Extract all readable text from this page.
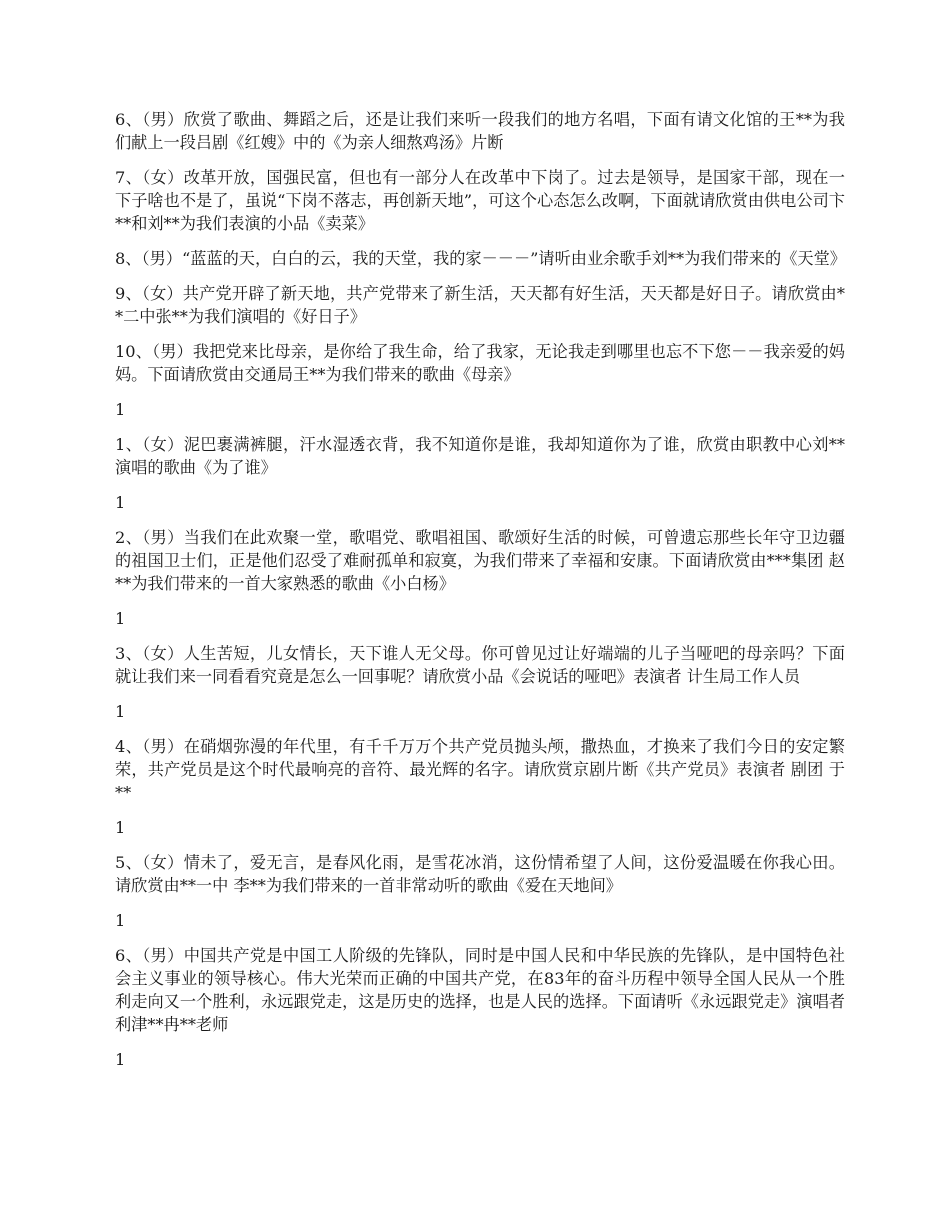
6、（男）欣赏了歌曲、舞蹈之后，还是让我们来听一段我们的地方名唱，下面有请文化馆的王**为我们献上一段吕剧《红嫂》中的《为亲人细熬鸡汤》片断

7、（女）改革开放，国强民富，但也有一部分人在改革中下岗了。过去是领导，是国家干部，现在一下子啥也不是了，虽说“下岗不落志，再创新天地”，可这个心态怎么改啊，下面就请欣赏由供电公司卞**和刘**为我们表演的小品《卖菜》

8、（男）“蓝蓝的天，白白的云，我的天堂，我的家－－－”请听由业余歌手刘**为我们带来的《天堂》

9、（女）共产党开辟了新天地，共产党带来了新生活，天天都有好生活，天天都是好日子。请欣赏由**二中张**为我们演唱的《好日子》

10、（男）我把党来比母亲，是你给了我生命，给了我家，无论我走到哪里也忘不下您－－我亲爱的妈妈。下面请欣赏由交通局王**为我们带来的歌曲《母亲》

1

1、（女）泥巴裹满裤腿，汗水湿透衣背，我不知道你是谁，我却知道你为了谁，欣赏由职教中心刘**演唱的歌曲《为了谁》

1

2、（男）当我们在此欢聚一堂，歌唱党、歌唱祖国、歌颂好生活的时候，可曾遗忘那些长年守卫边疆的祖国卫士们，正是他们忍受了难耐孤单和寂寞，为我们带来了幸福和安康。下面请欣赏由***集团 赵**为我们带来的一首大家熟悉的歌曲《小白杨》

1

3、（女）人生苦短，儿女情长，天下谁人无父母。你可曾见过让好端端的儿子当哑吧的母亲吗？下面就让我们来一同看看究竟是怎么一回事呢？请欣赏小品《会说话的哑吧》表演者 计生局工作人员

1

4、（男）在硝烟弥漫的年代里，有千千万万个共产党员抛头颅，撒热血，才换来了我们今日的安定繁荣，共产党员是这个时代最响亮的音符、最光辉的名字。请欣赏京剧片断《共产党员》表演者 剧团 于**

1

5、（女）情未了，爱无言，是春风化雨，是雪花冰消，这份情希望了人间，这份爱温暖在你我心田。请欣赏由**一中 李**为我们带来的一首非常动听的歌曲《爱在天地间》

1

6、（男）中国共产党是中国工人阶级的先锋队，同时是中国人民和中华民族的先锋队，是中国特色社会主义事业的领导核心。伟大光荣而正确的中国共产党，在83年的奋斗历程中领导全国人民从一个胜利走向又一个胜利，永远跟党走，这是历史的选择，也是人民的选择。下面请听《永远跟党走》演唱者 利津**冉**老师

1
